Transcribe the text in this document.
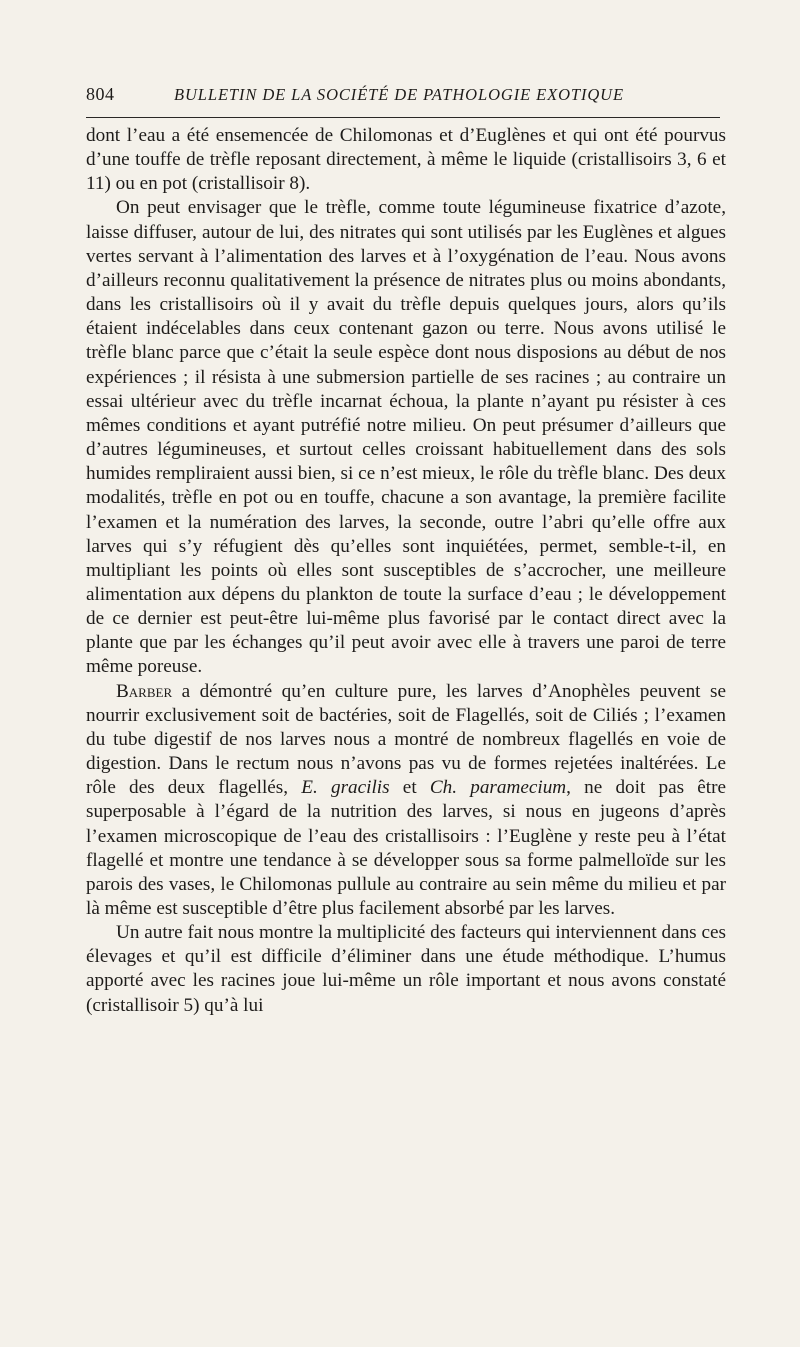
804	BULLETIN DE LA SOCIÉTÉ DE PATHOLOGIE EXOTIQUE

dont l’eau a été ensemencée de Chilomonas et d’Euglènes et qui ont été pourvus d’une touffe de trèfle reposant directement, à même le liquide (cristallisoirs 3, 6 et 11) ou en pot (cristallisoir 8).

On peut envisager que le trèfle, comme toute légumineuse fixatrice d’azote, laisse diffuser, autour de lui, des nitrates qui sont utilisés par les Euglènes et algues vertes servant à l’alimentation des larves et à l’oxygénation de l’eau. Nous avons d’ailleurs reconnu qualitativement la présence de nitrates plus ou moins abondants, dans les cristallisoirs où il y avait du trèfle depuis quelques jours, alors qu’ils étaient indécelables dans ceux contenant gazon ou terre. Nous avons utilisé le trèfle blanc parce que c’était la seule espèce dont nous disposions au début de nos expériences ; il résista à une submersion partielle de ses racines ; au contraire un essai ultérieur avec du trèfle incarnat échoua, la plante n’ayant pu résister à ces mêmes conditions et ayant putréfié notre milieu. On peut présumer d’ailleurs que d’autres légumineuses, et surtout celles croissant habituellement dans des sols humides rempliraient aussi bien, si ce n’est mieux, le rôle du trèfle blanc. Des deux modalités, trèfle en pot ou en touffe, chacune a son avantage, la première facilite l’examen et la numération des larves, la seconde, outre l’abri qu’elle offre aux larves qui s’y réfugient dès qu’elles sont inquiétées, permet, semble-t-il, en multipliant les points où elles sont susceptibles de s’accrocher, une meilleure alimentation aux dépens du plankton de toute la surface d’eau ; le développement de ce dernier est peut-être lui-même plus favorisé par le contact direct avec la plante que par les échanges qu’il peut avoir avec elle à travers une paroi de terre même poreuse.

Barber a démontré qu’en culture pure, les larves d’Anophèles peuvent se nourrir exclusivement soit de bactéries, soit de Flagellés, soit de Ciliés ; l’examen du tube digestif de nos larves nous a montré de nombreux flagellés en voie de digestion. Dans le rectum nous n’avons pas vu de formes rejetées inaltérées. Le rôle des deux flagellés, E. gracilis et Ch. paramecium, ne doit pas être superposable à l’égard de la nutrition des larves, si nous en jugeons d’après l’examen microscopique de l’eau des cristallisoirs : l’Euglène y reste peu à l’état flagellé et montre une tendance à se développer sous sa forme palmelloïde sur les parois des vases, le Chilomonas pullule au contraire au sein même du milieu et par là même est susceptible d’être plus facilement absorbé par les larves.

Un autre fait nous montre la multiplicité des facteurs qui interviennent dans ces élevages et qu’il est difficile d’éliminer dans une étude méthodique. L’humus apporté avec les racines joue lui-même un rôle important et nous avons constaté (cristallisoir 5) qu’à lui
